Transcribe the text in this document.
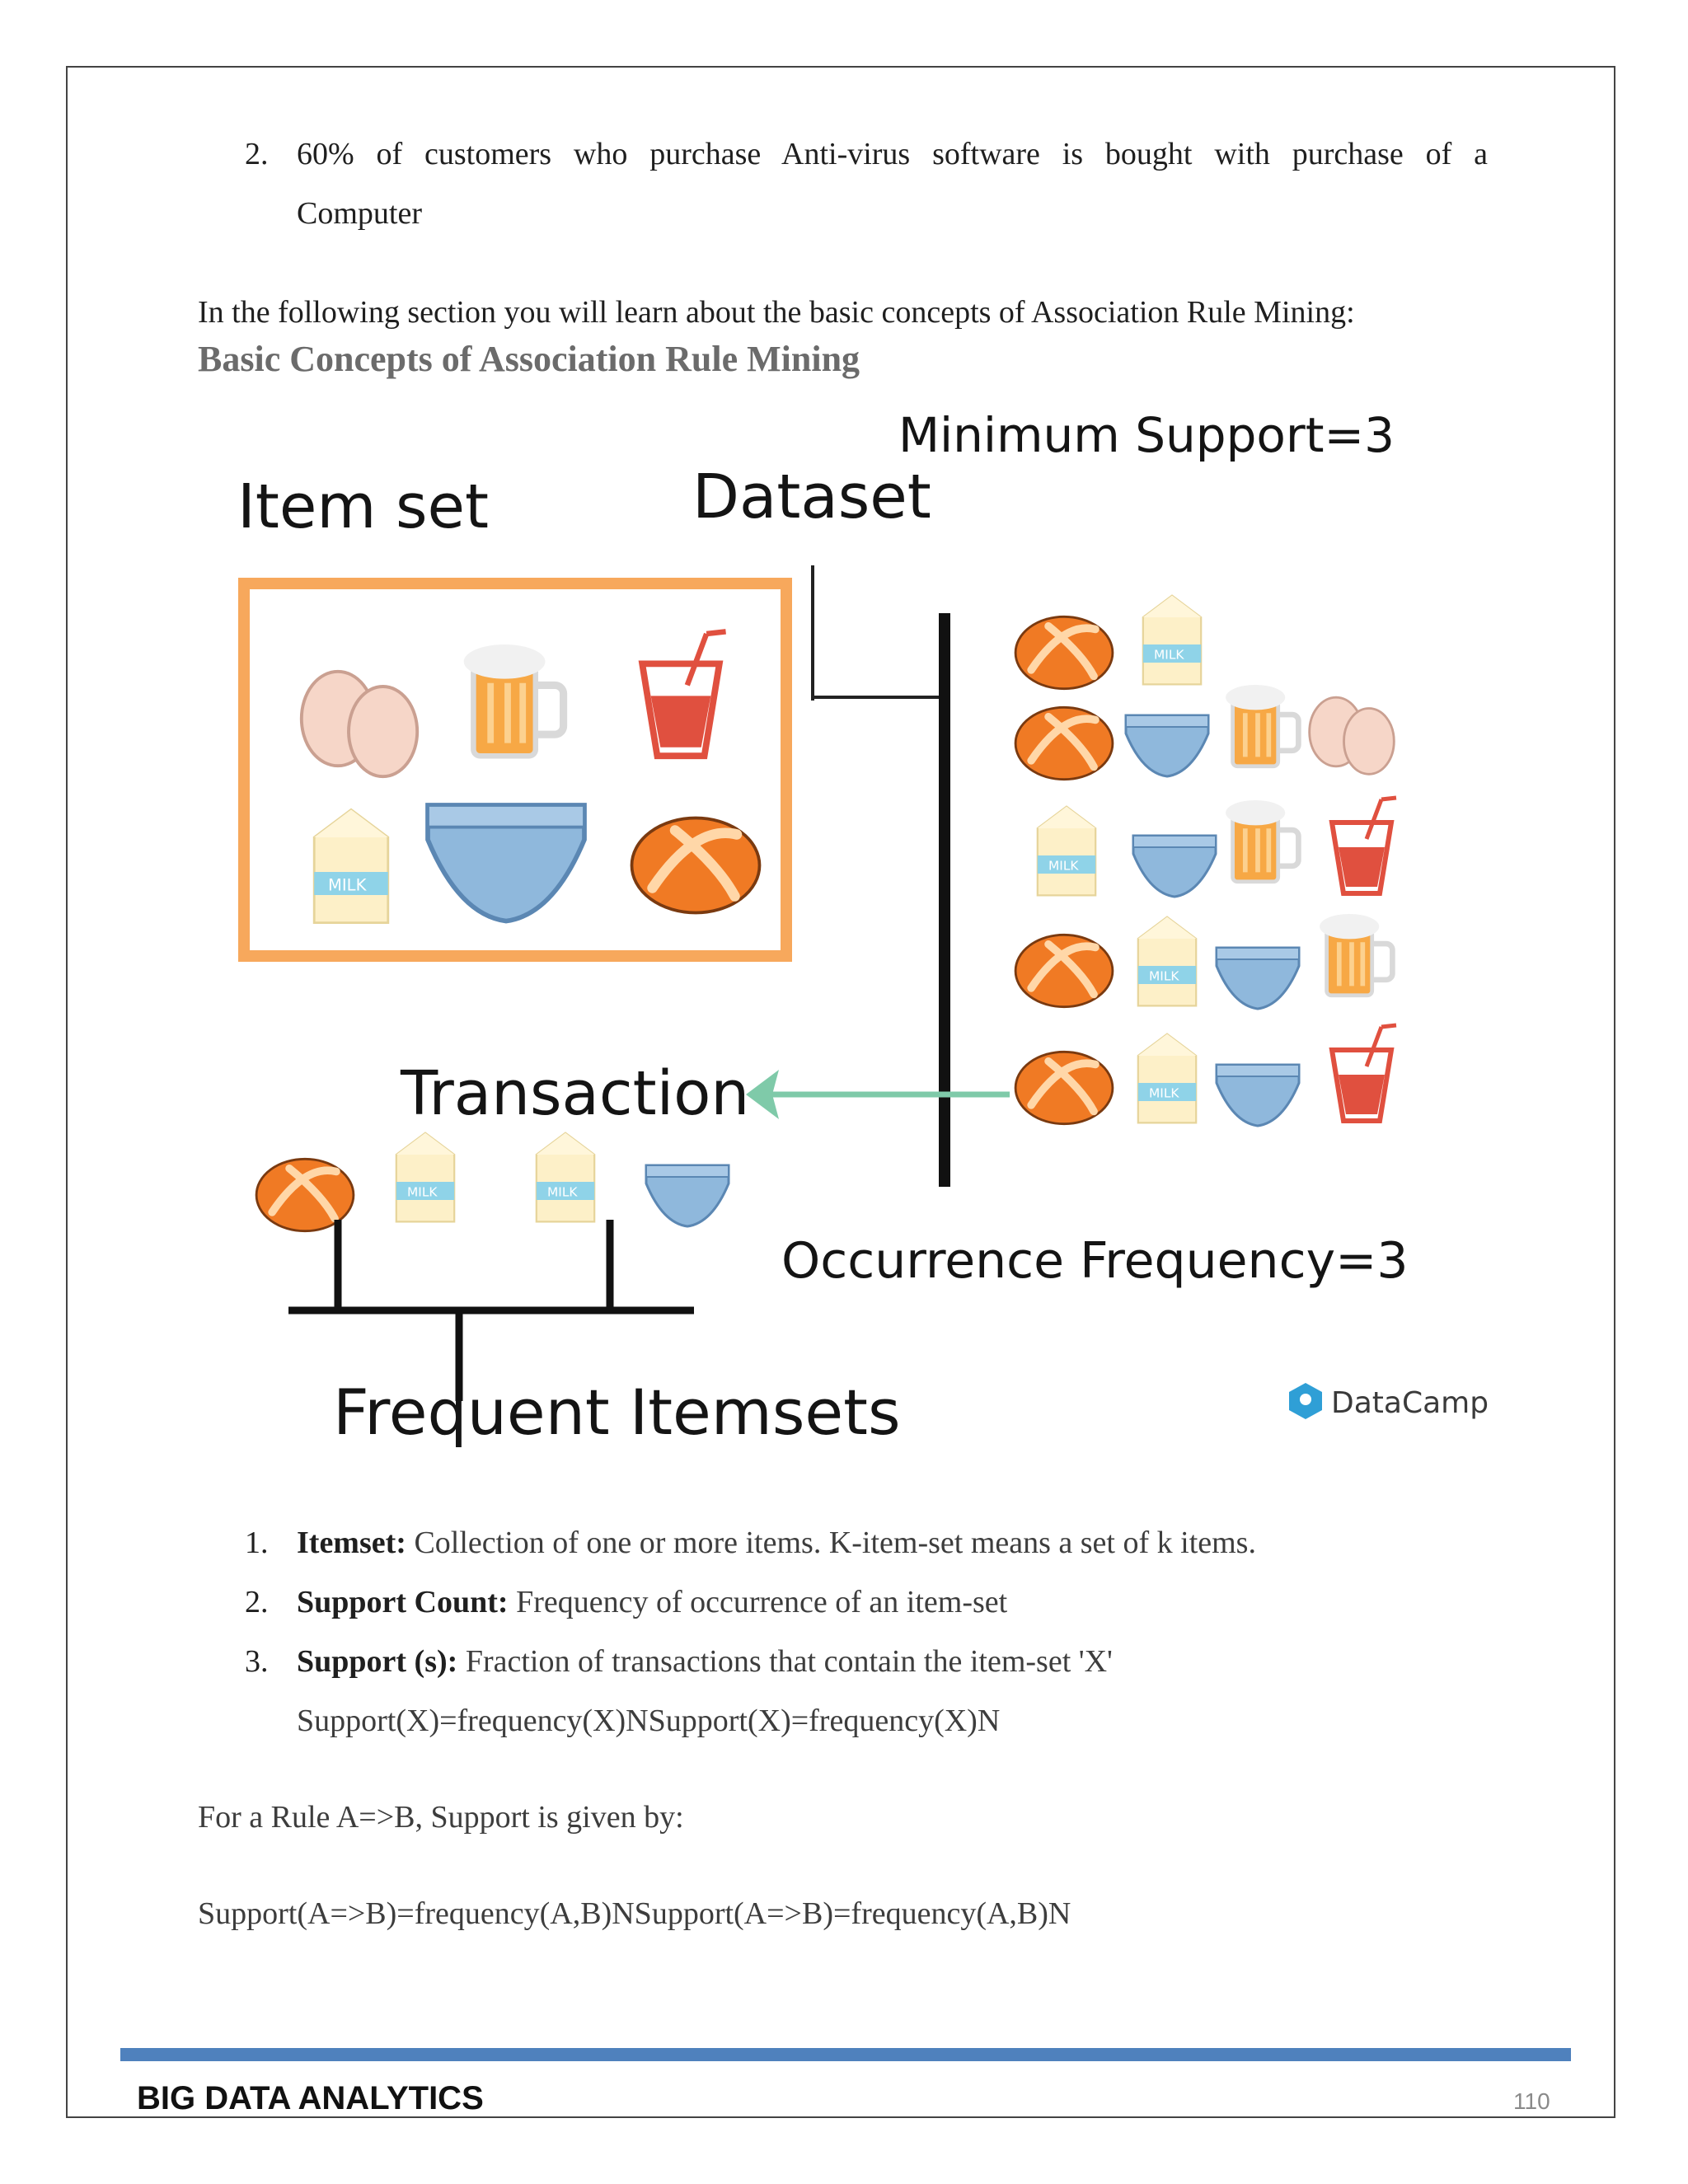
2. 60% of customers who purchase Anti-virus software is bought with purchase of a
Computer
In the following section you will learn about the basic concepts of Association Rule Mining:
Basic Concepts of Association Rule Mining
Minimum Support=3
Item set	Dataset
MILK
MILK
MILK
MILK
MILK
Transaction
MILK	MILK
Occurrence Frequency=3
Frequent Itemsets	DataCamp
1. Itemset: Collection of one or more items. K-item-set means a set of k items.
2. Support Count: Frequency of occurrence of an item-set
3. Support (s): Fraction of transactions that contain the item-set 'X'
Support(X)=frequency(X)NSupport(X)=frequency(X)N
For a Rule A=>B, Support is given by:
Support(A=>B)=frequency(A,B)NSupport(A=>B)=frequency(A,B)N
BIG DATA ANALYTICS	110
